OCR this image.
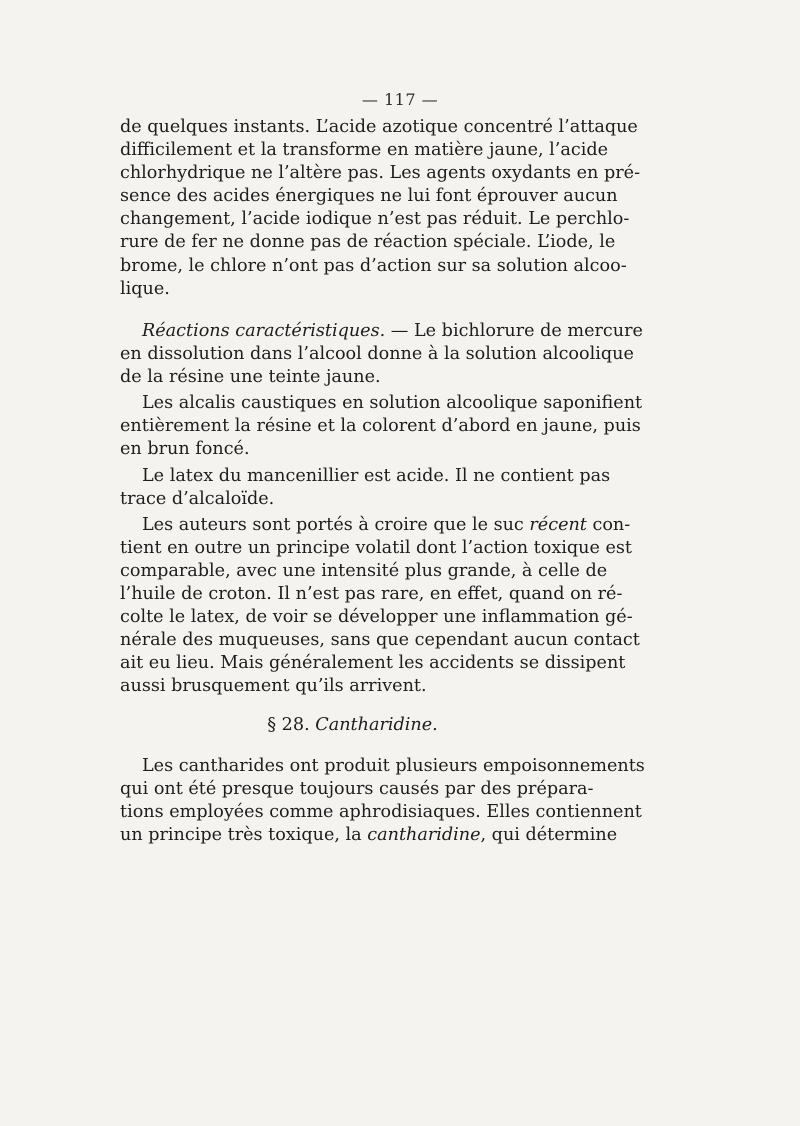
— 117 —

de quelques instants. L’acide azotique concentré l’attaque
difficilement et la transforme en matière jaune, l’acide
chlorhydrique ne l’altère pas. Les agents oxydants en pré-
sence des acides énergiques ne lui font éprouver aucun
changement, l’acide iodique n’est pas réduit. Le perchlo-
rure de fer ne donne pas de réaction spéciale. L’iode, le
brome, le chlore n’ont pas d’action sur sa solution alcoo-
lique.

Réactions caractéristiques. — Le bichlorure de mercure
en dissolution dans l’alcool donne à la solution alcoolique
de la résine une teinte jaune.

Les alcalis caustiques en solution alcoolique saponifient
entièrement la résine et la colorent d’abord en jaune, puis
en brun foncé.

Le latex du mancenillier est acide. Il ne contient pas
trace d’alcaloïde.

Les auteurs sont portés à croire que le suc récent con-
tient en outre un principe volatil dont l’action toxique est
comparable, avec une intensité plus grande, à celle de
l’huile de croton. Il n’est pas rare, en effet, quand on ré-
colte le latex, de voir se développer une inflammation gé-
nérale des muqueuses, sans que cependant aucun contact
ait eu lieu. Mais généralement les accidents se dissipent
aussi brusquement qu’ils arrivent.

§ 28. Cantharidine.

Les cantharides ont produit plusieurs empoisonnements
qui ont été presque toujours causés par des prépara-
tions employées comme aphrodisiaques. Elles contiennent
un principe très toxique, la cantharidine, qui détermine
